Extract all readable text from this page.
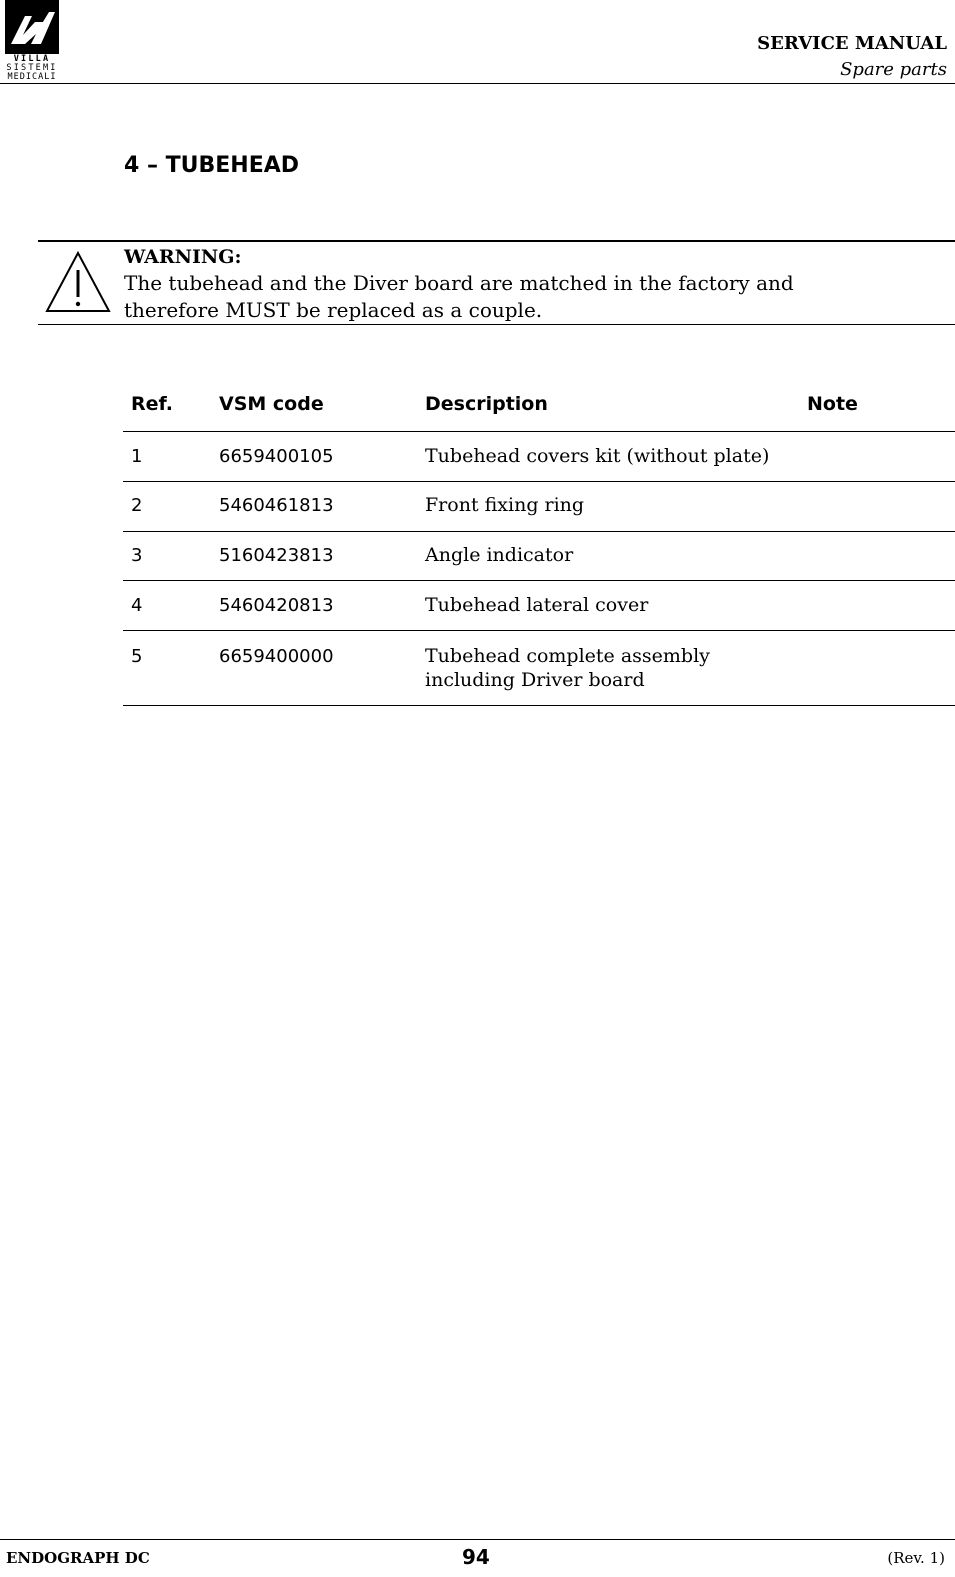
VILLA
SISTEMI
MEDICALI
SERVICE MANUAL
Spare parts
4 – TUBEHEAD
WARNING:
The tubehead and the Diver board are matched in the factory and
therefore MUST be replaced as a couple.
Ref. VSM code	Description	Note
1	6659400105	Tubehead covers kit (without plate)
2	5460461813	Front fixing ring
3	5160423813	Angle indicator
4	5460420813	Tubehead lateral cover
5	6659400000	Tubehead complete assembly
including Driver board
ENDOGRAPH DC	94	(Rev. 1)
